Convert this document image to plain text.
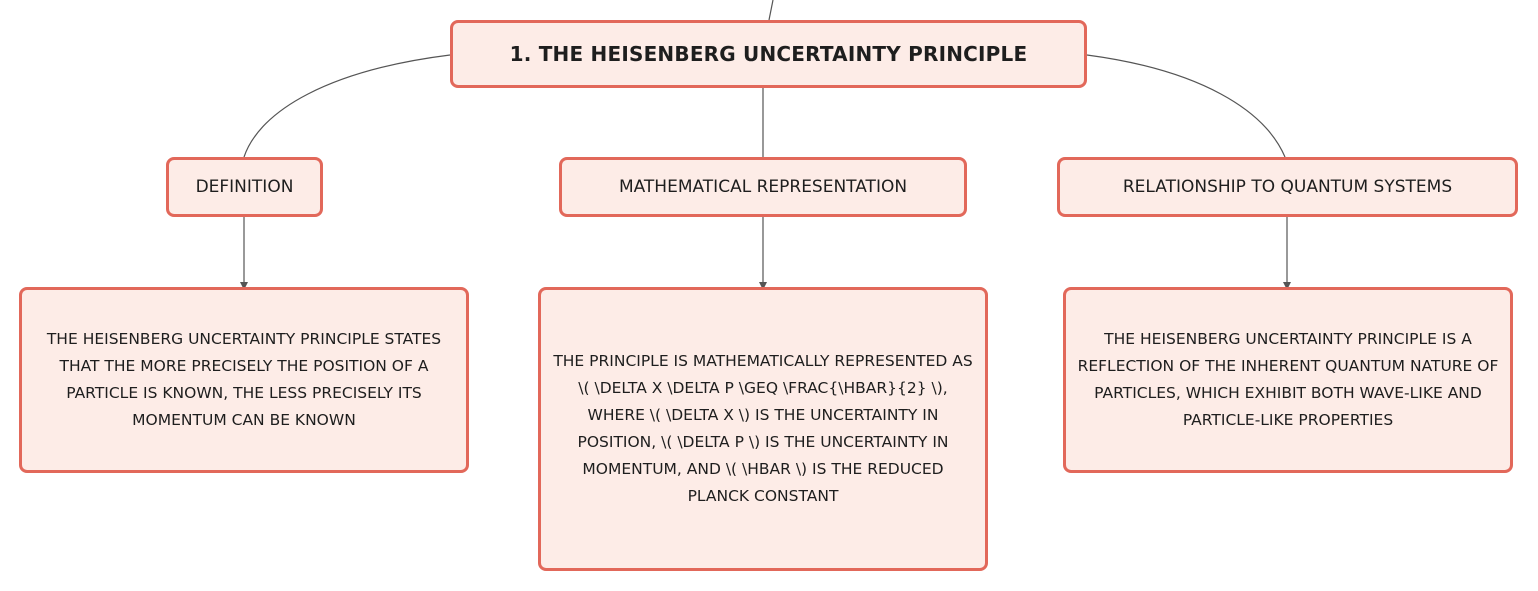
1. THE HEISENBERG UNCERTAINTY PRINCIPLE
DEFINITION	MATHEMATICAL REPRESENTATION	RELATIONSHIP TO QUANTUM SYSTEMS
THE HEISENBERG UNCERTAINTY PRINCIPLE STATES THAT THE MORE PRECISELY THE POSITION OF A PARTICLE IS KNOWN, THE LESS PRECISELY ITS MOMENTUM CAN BE KNOWN
THE PRINCIPLE IS MATHEMATICALLY REPRESENTED AS \( \DELTA X \DELTA P \GEQ \FRAC{\HBAR}{2} \), WHERE \( \DELTA X \) IS THE UNCERTAINTY IN POSITION, \( \DELTA P \) IS THE UNCERTAINTY IN MOMENTUM, AND \( \HBAR \) IS THE REDUCED PLANCK CONSTANT
THE HEISENBERG UNCERTAINTY PRINCIPLE IS A REFLECTION OF THE INHERENT QUANTUM NATURE OF PARTICLES, WHICH EXHIBIT BOTH WAVE-LIKE AND PARTICLE-LIKE PROPERTIES
